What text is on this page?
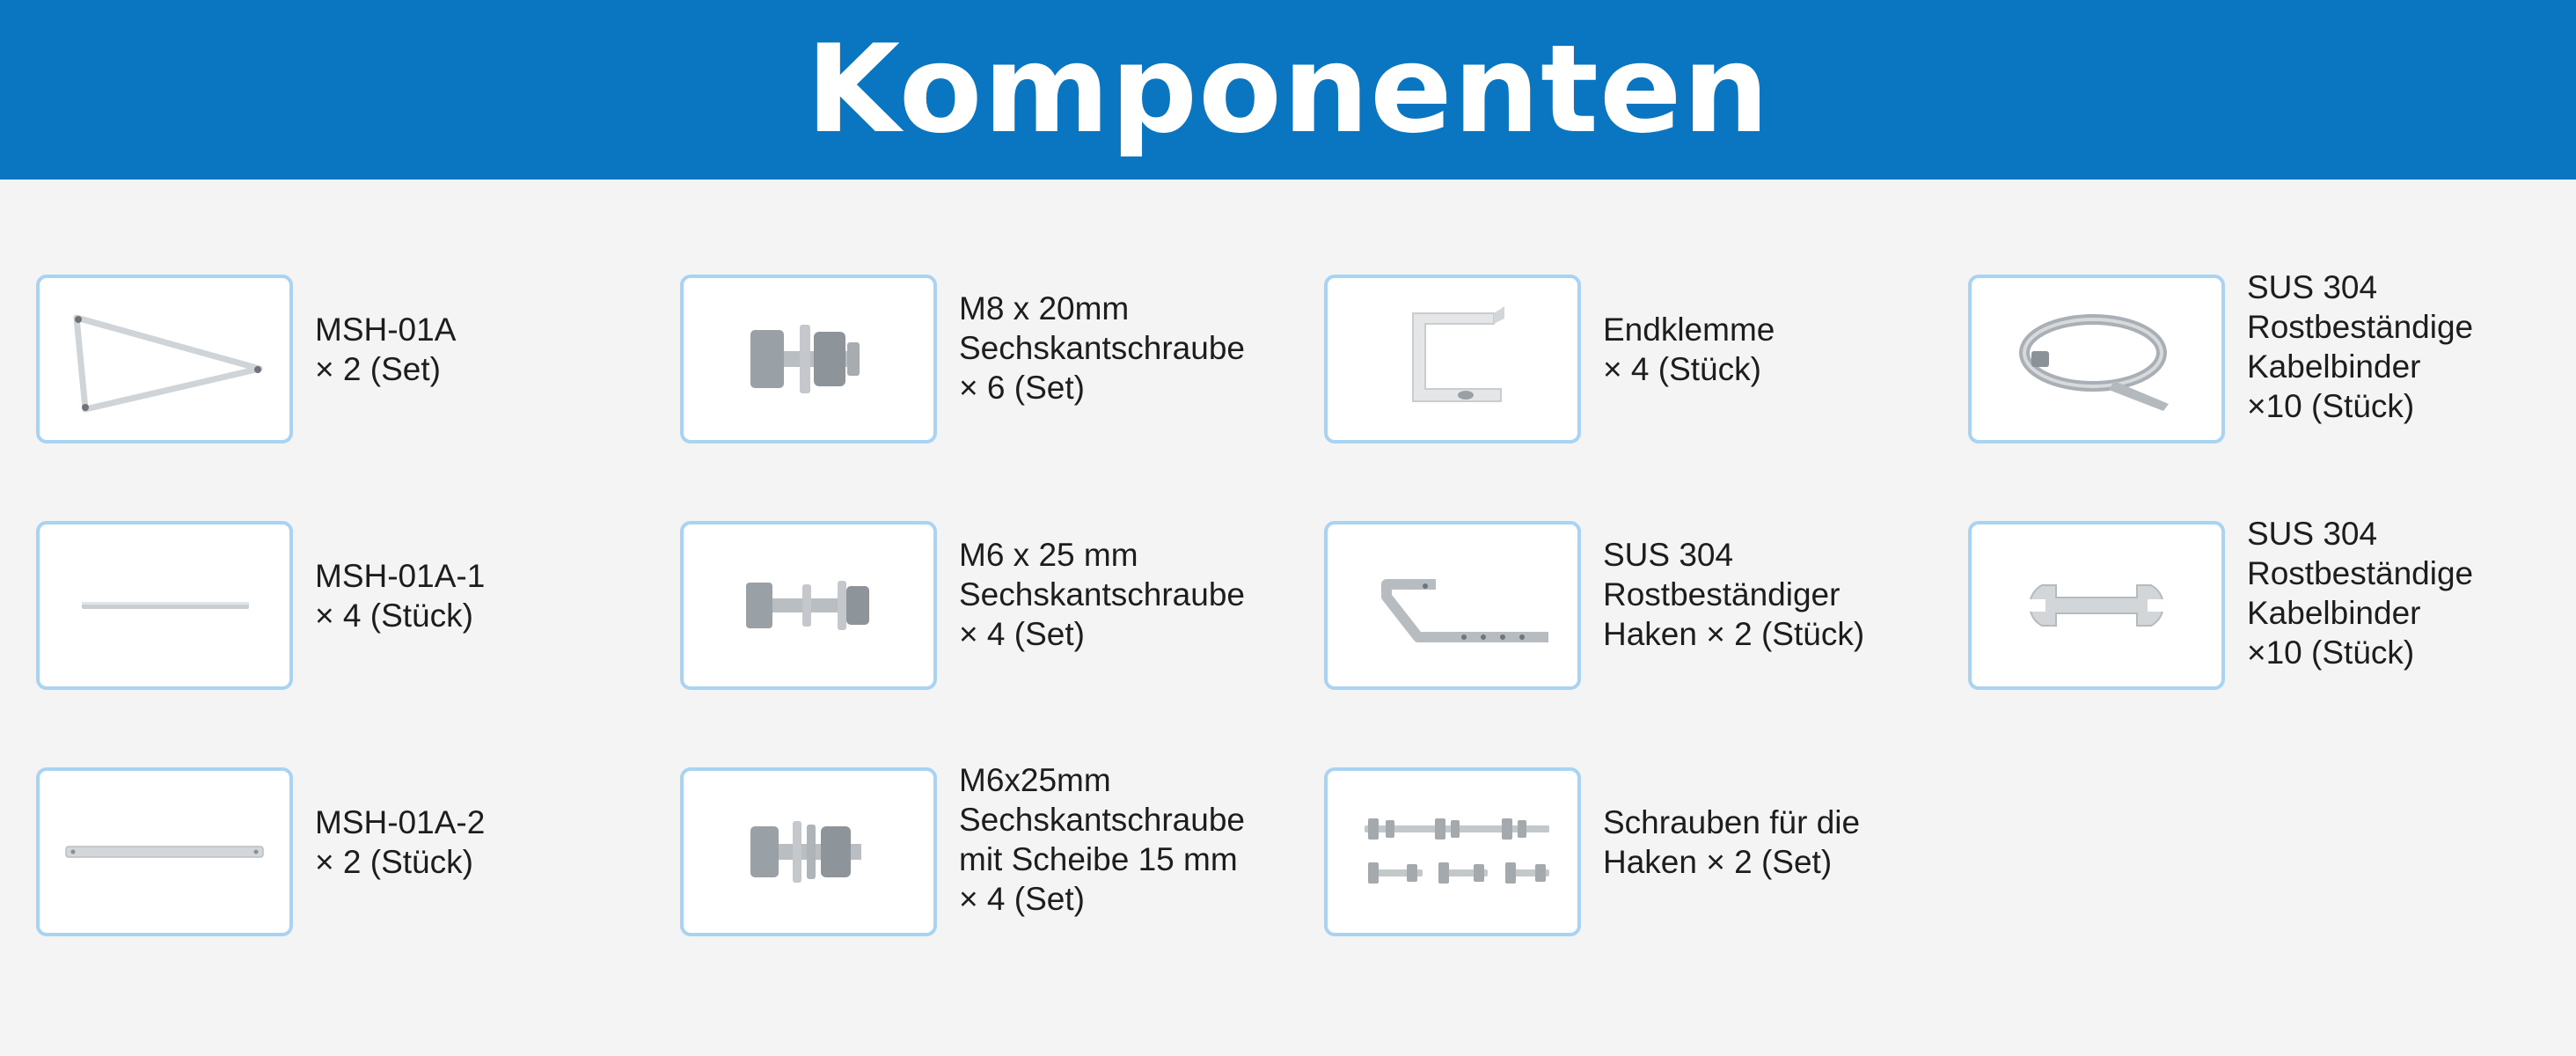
Komponenten
MSH-01A
× 2 (Set)
M8 x 20mm
Sechskantschraube
× 6 (Set)
Endklemme
× 4 (Stück)
SUS 304
Rostbeständige
Kabelbinder
×10 (Stück)
MSH-01A-1
× 4 (Stück)
M6 x 25 mm
Sechskantschraube
× 4 (Set)
SUS 304
Rostbeständiger
Haken × 2 (Stück)
SUS 304
Rostbeständige
Kabelbinder
×10 (Stück)
MSH-01A-2
× 2 (Stück)
M6x25mm
Sechskantschraube
mit Scheibe 15 mm
× 4 (Set)
Schrauben für die
Haken × 2 (Set)
